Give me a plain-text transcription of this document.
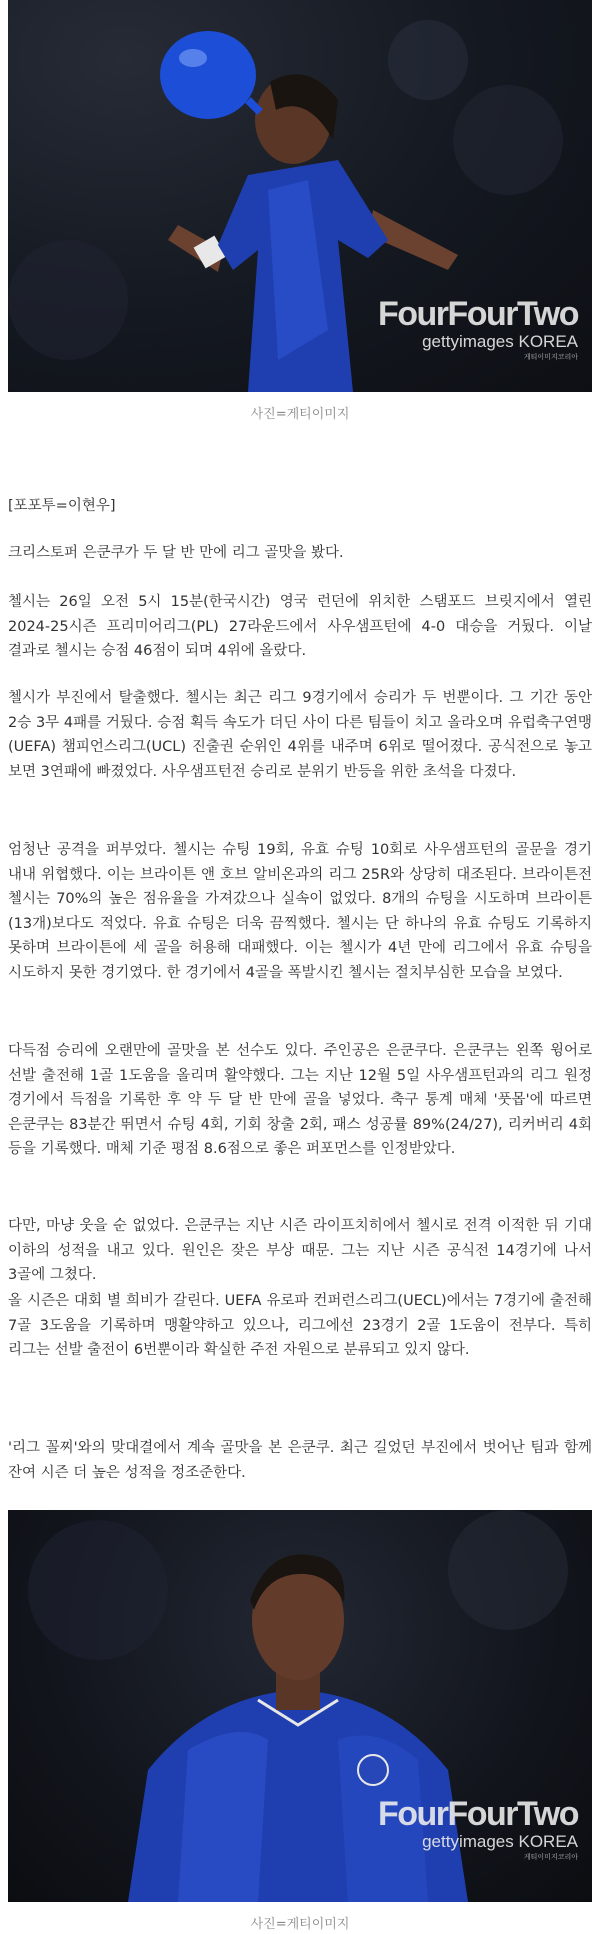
FourFourTwo
gettyimages KOREA
게티이미지코리아
사진=게티이미지
[포포투=이현우]

크리스토퍼 은쿤쿠가 두 달 반 만에 리그 골맛을 봤다.

첼시는 26일 오전 5시 15분(한국시간) 영국 런던에 위치한 스탬포드 브릿지에서 열린 2024-25시즌 프리미어리그(PL) 27라운드에서 사우샘프턴에 4-0 대승을 거뒀다. 이날 결과로 첼시는 승점 46점이 되며 4위에 올랐다.

첼시가 부진에서 탈출했다. 첼시는 최근 리그 9경기에서 승리가 두 번뿐이다. 그 기간 동안 2승 3무 4패를 거뒀다. 승점 획득 속도가 더딘 사이 다른 팀들이 치고 올라오며 유럽축구연맹(UEFA) 챔피언스리그(UCL) 진출권 순위인 4위를 내주며 6위로 떨어졌다. 공식전으로 놓고 보면 3연패에 빠졌었다. 사우샘프턴전 승리로 분위기 반등을 위한 초석을 다졌다.

엄청난 공격을 퍼부었다. 첼시는 슈팅 19회, 유효 슈팅 10회로 사우샘프턴의 골문을 경기 내내 위협했다. 이는 브라이튼 앤 호브 알비온과의 리그 25R와 상당히 대조된다. 브라이튼전 첼시는 70%의 높은 점유율을 가져갔으나 실속이 없었다. 8개의 슈팅을 시도하며 브라이튼(13개)보다도 적었다. 유효 슈팅은 더욱 끔찍했다. 첼시는 단 하나의 유효 슈팅도 기록하지 못하며 브라이튼에 세 골을 허용해 대패했다. 이는 첼시가 4년 만에 리그에서 유효 슈팅을 시도하지 못한 경기였다. 한 경기에서 4골을 폭발시킨 첼시는 절치부심한 모습을 보였다.

다득점 승리에 오랜만에 골맛을 본 선수도 있다. 주인공은 은쿤쿠다. 은쿤쿠는 왼쪽 윙어로 선발 출전해 1골 1도움을 올리며 활약했다. 그는 지난 12월 5일 사우샘프턴과의 리그 원정 경기에서 득점을 기록한 후 약 두 달 반 만에 골을 넣었다. 축구 통계 매체 '풋몹'에 따르면 은쿤쿠는 83분간 뛰면서 슈팅 4회, 기회 창출 2회, 패스 성공률 89%(24/27), 리커버리 4회 등을 기록했다. 매체 기준 평점 8.6점으로 좋은 퍼포먼스를 인정받았다.

다만, 마냥 웃을 순 없었다. 은쿤쿠는 지난 시즌 라이프치히에서 첼시로 전격 이적한 뒤 기대 이하의 성적을 내고 있다. 원인은 잦은 부상 때문. 그는 지난 시즌 공식전 14경기에 나서 3골에 그쳤다.

올 시즌은 대회 별 희비가 갈린다. UEFA 유로파 컨퍼런스리그(UECL)에서는 7경기에 출전해 7골 3도움을 기록하며 맹활약하고 있으나, 리그에선 23경기 2골 1도움이 전부다. 특히 리그는 선발 출전이 6번뿐이라 확실한 주전 자원으로 분류되고 있지 않다.

'리그 꼴찌'와의 맞대결에서 계속 골맛을 본 은쿤쿠. 최근 길었던 부진에서 벗어난 팀과 함께 잔여 시즌 더 높은 성적을 정조준한다.

FourFourTwo
gettyimages KOREA
게티이미지코리아
사진=게티이미지
